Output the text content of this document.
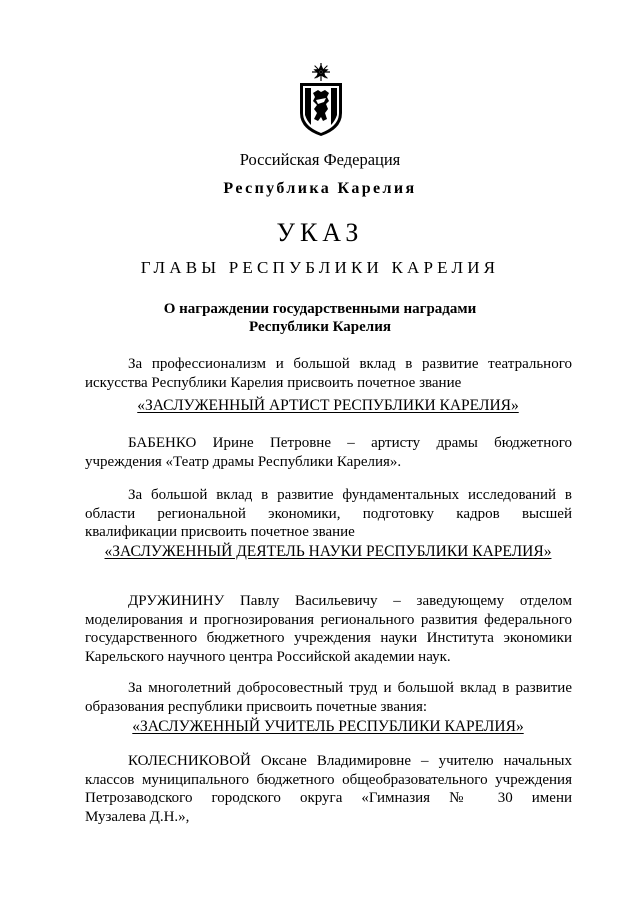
Российская Федерация
Республика Карелия
УКАЗ
ГЛАВЫ РЕСПУБЛИКИ КАРЕЛИЯ
О награждении государственными наградами
Республики Карелия
За профессионализм и большой вклад в развитие театрального
искусства Республики Карелия присвоить почетное звание
«ЗАСЛУЖЕННЫЙ АРТИСТ РЕСПУБЛИКИ КАРЕЛИЯ»
БАБЕНКО Ирине Петровне – артисту драмы бюджетного
учреждения «Театр драмы Республики Карелия».
За большой вклад в развитие фундаментальных исследований в
области региональной экономики, подготовку кадров высшей
квалификации присвоить почетное звание
«ЗАСЛУЖЕННЫЙ ДЕЯТЕЛЬ НАУКИ РЕСПУБЛИКИ КАРЕЛИЯ»
ДРУЖИНИНУ Павлу Васильевичу – заведующему отделом
моделирования и прогнозирования регионального развития федерального
государственного бюджетного учреждения науки Института экономики
Карельского научного центра Российской академии наук.
За многолетний добросовестный труд и большой вклад в развитие
образования республики присвоить почетные звания:
«ЗАСЛУЖЕННЫЙ УЧИТЕЛЬ РЕСПУБЛИКИ КАРЕЛИЯ»
КОЛЕСНИКОВОЙ Оксане Владимировне – учителю начальных
классов муниципального бюджетного общеобразовательного учреждения
Петрозаводского городского округа «Гимназия № 30 имени
Музалева Д.Н.»,
